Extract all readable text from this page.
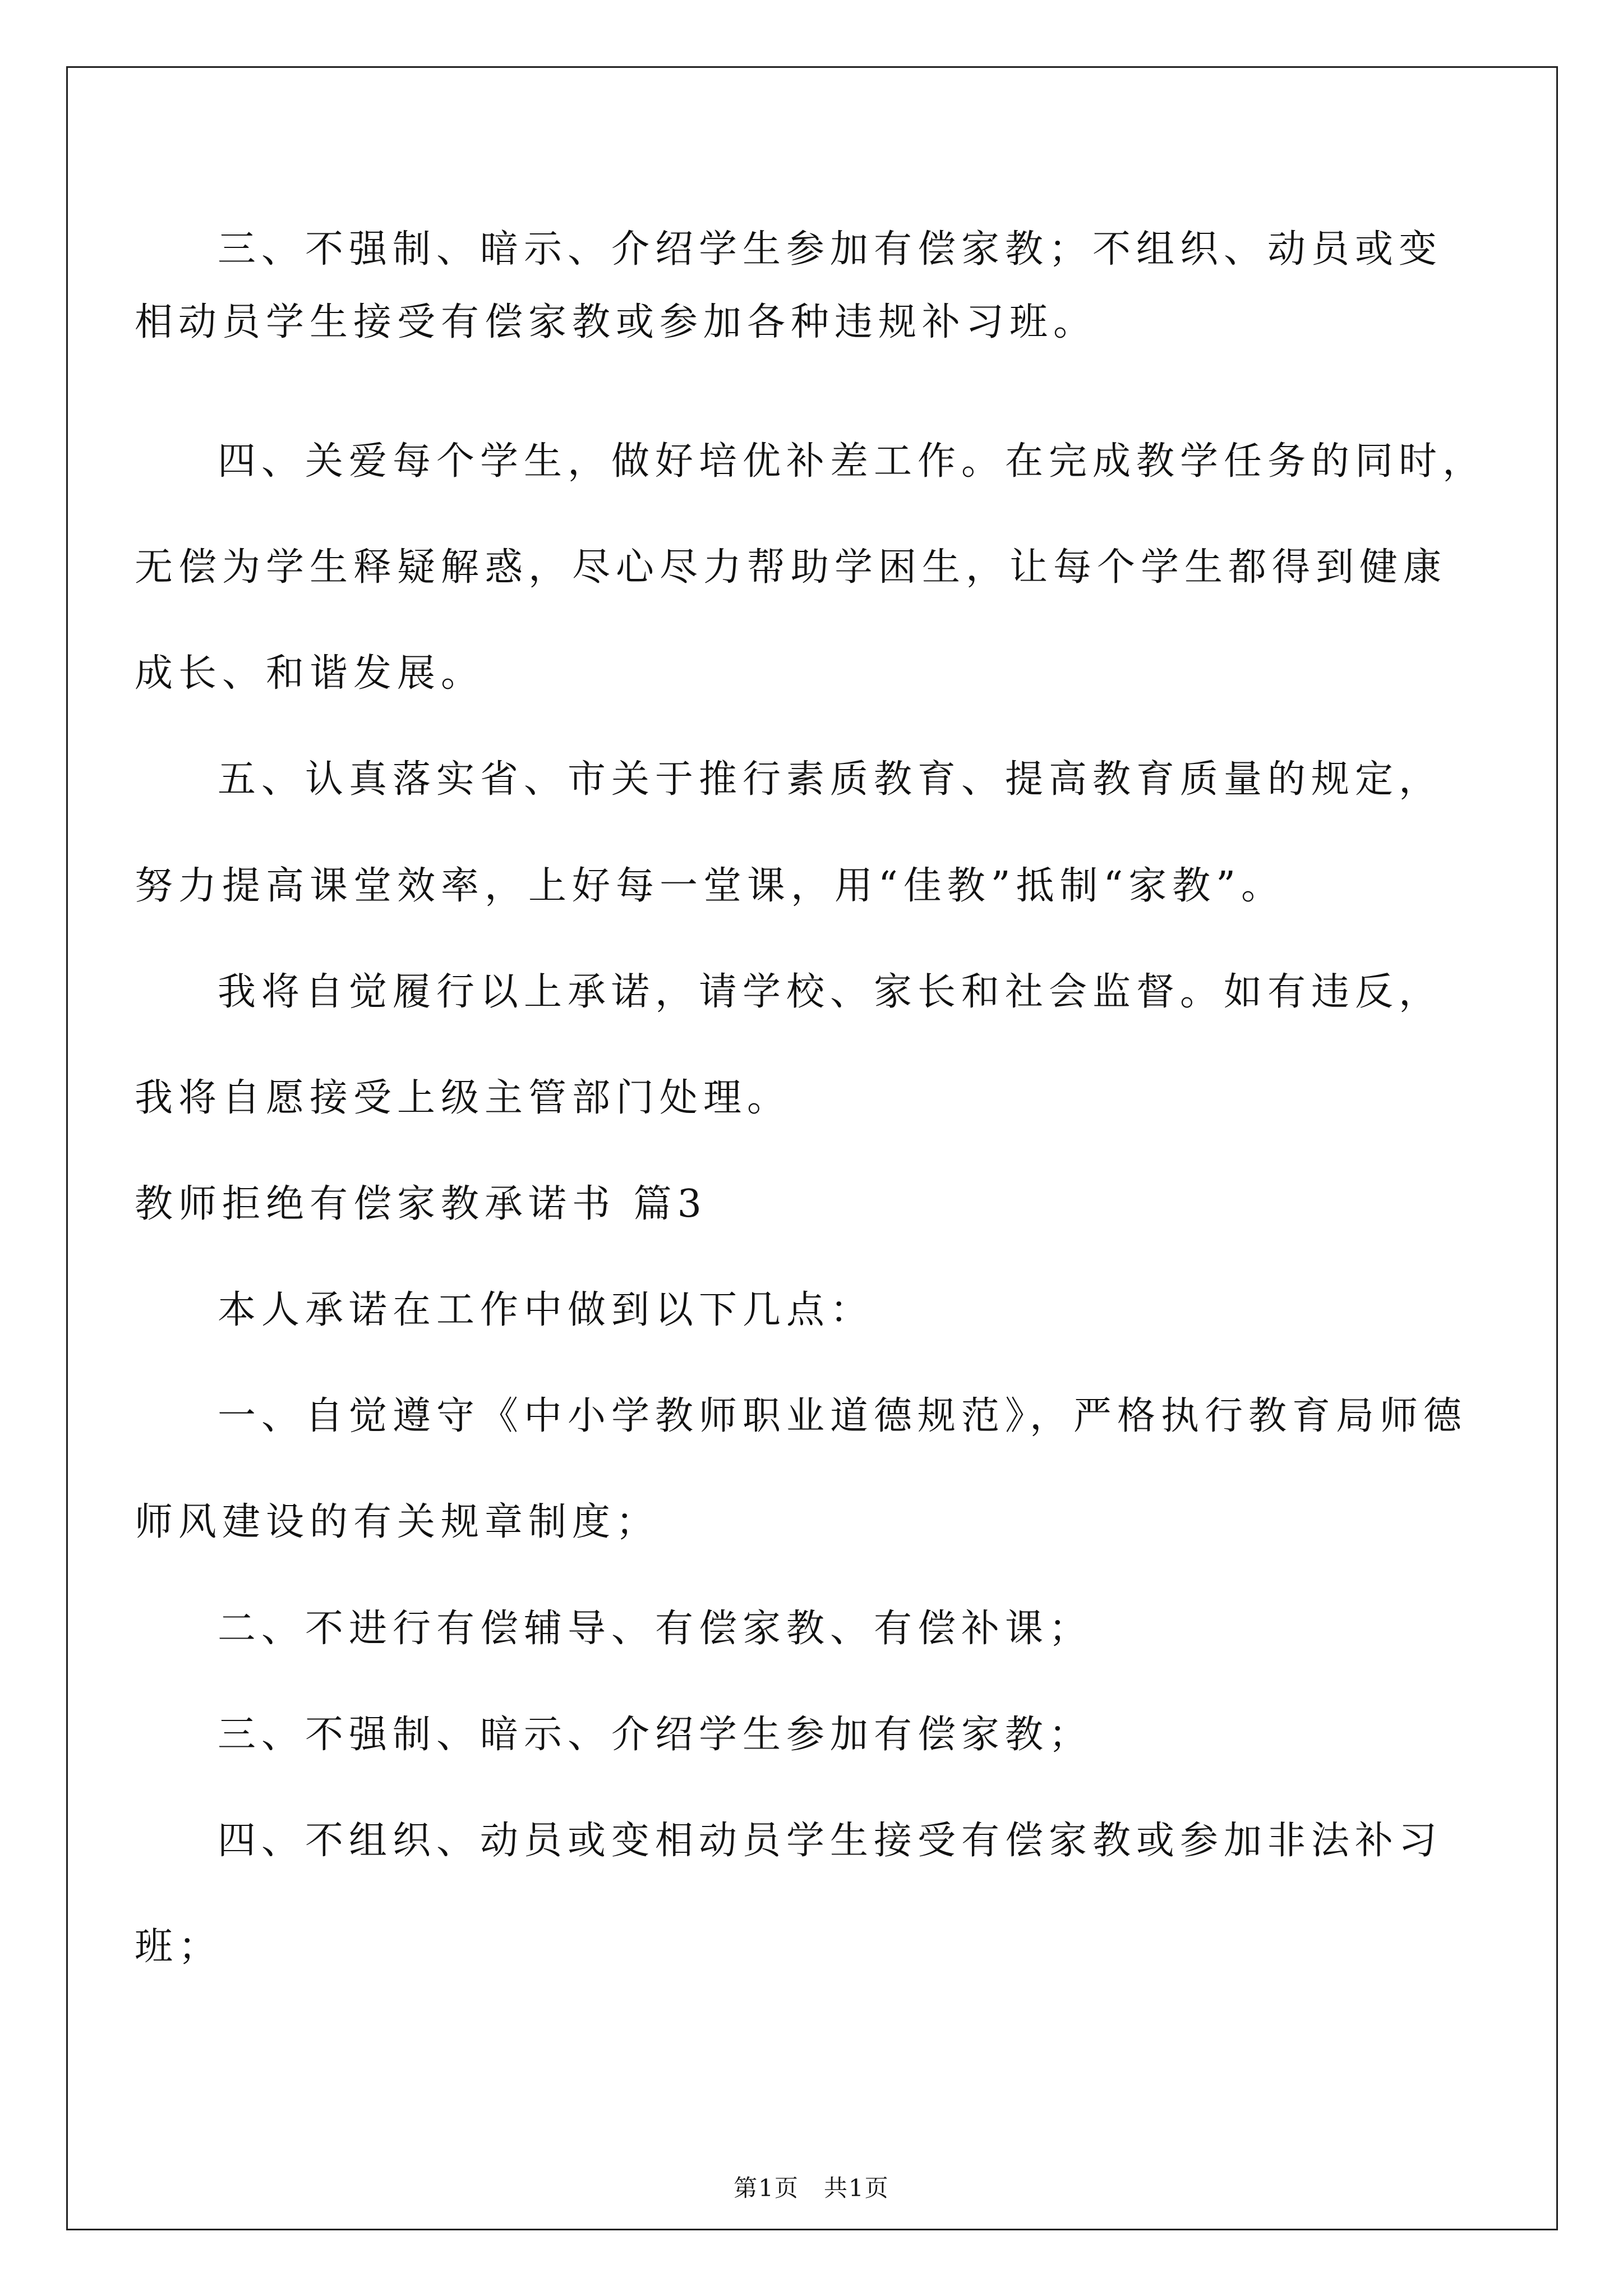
三、不强制、暗示、介绍学生参加有偿家教；不组织、动员或变
相动员学生接受有偿家教或参加各种违规补习班。
四、关爱每个学生，做好培优补差工作。在完成教学任务的同时，
无偿为学生释疑解惑，尽心尽力帮助学困生，让每个学生都得到健康
成长、和谐发展。
五、认真落实省、市关于推行素质教育、提高教育质量的规定，
努力提高课堂效率，上好每一堂课，用“佳教”抵制“家教”。
我将自觉履行以上承诺，请学校、家长和社会监督。如有违反，
我将自愿接受上级主管部门处理。
教师拒绝有偿家教承诺书 篇3
本人承诺在工作中做到以下几点：
一、自觉遵守《中小学教师职业道德规范》，严格执行教育局师德
师风建设的有关规章制度；
二、不进行有偿辅导、有偿家教、有偿补课；
三、不强制、暗示、介绍学生参加有偿家教；
四、不组织、动员或变相动员学生接受有偿家教或参加非法补习
班；
第1页　共1页
